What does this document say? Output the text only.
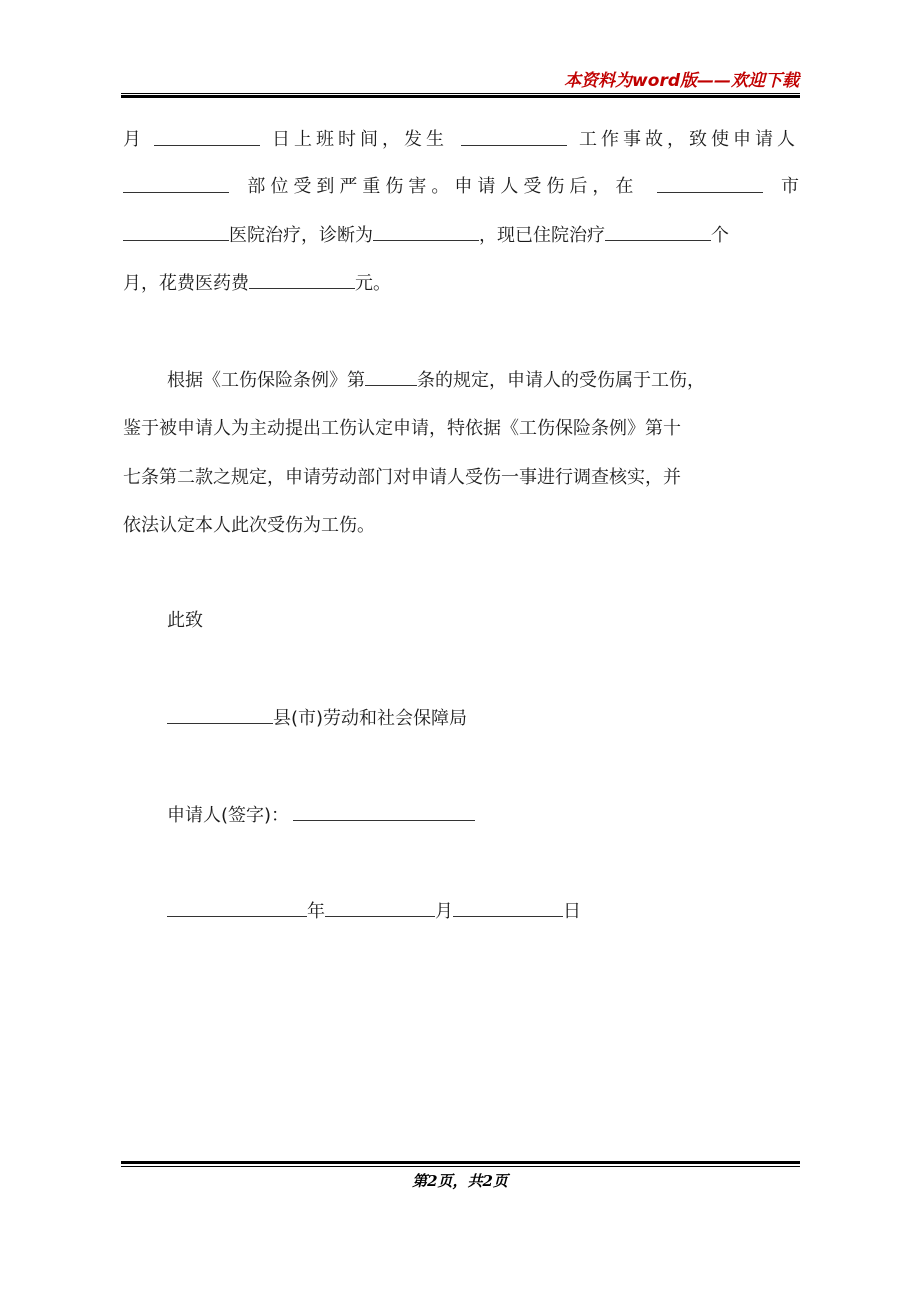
本资料为word版——欢迎下载
月	日上班时间，发生	工作事故，致使申请人
部位受到严重伤害。申请人受伤后，在	市
医院治疗，诊断为	，现已住院治疗	个
月，花费医药费	元。
根据《工伤保险条例》第	条的规定，申请人的受伤属于工伤，
鉴于被申请人为主动提出工伤认定申请，特依据《工伤保险条例》第十
七条第二款之规定，申请劳动部门对申请人受伤一事进行调查核实，并
依法认定本人此次受伤为工伤。
此致
县(市)劳动和社会保障局
申请人(签字)：
年	月	日
第2页，共2页
